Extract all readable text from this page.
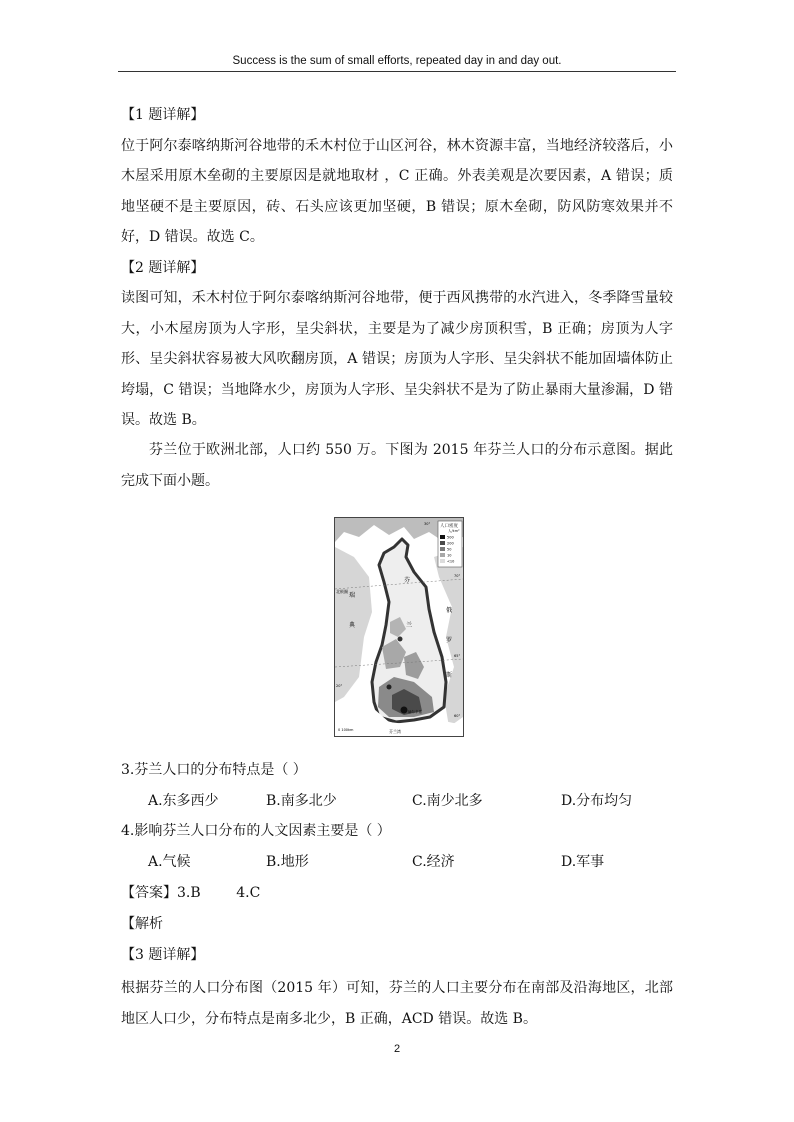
Success is the sum of small efforts, repeated day in and day out.

【1 题详解】

位于阿尔泰喀纳斯河谷地带的禾木村位于山区河谷，林木资源丰富，当地经济较落后，小木屋采用原木垒砌的主要原因是就地取材 ，C 正确。外表美观是次要因素，A 错误；质地坚硬不是主要原因，砖、石头应该更加坚硬，B 错误；原木垒砌，防风防寒效果并不好，D 错误。故选 C。

【2 题详解】

读图可知，禾木村位于阿尔泰喀纳斯河谷地带，便于西风携带的水汽进入，冬季降雪量较大，小木屋房顶为人字形，呈尖斜状，主要是为了减少房顶积雪，B 正确；房顶为人字形、呈尖斜状容易被大风吹翻房顶，A 错误；房顶为人字形、呈尖斜状不能加固墙体防止垮塌，C 错误；当地降水少，房顶为人字形、呈尖斜状不是为了防止暴雨大量渗漏，D 错误。故选 B。

芬兰位于欧洲北部，人口约 550 万。下图为 2015 年芬兰人口的分布示意图。据此完成下面小题。

人口密度
人/km²
500
200
50
10
<10
北极圈
芬
兰
瑞
典
俄
罗
斯
赫尔辛基
芬兰湾
0 100km
70°
65°
60°
20°
30°
3.芬兰人口的分布特点是（ ）
A.东多西少	B.南多北少	C.南少北多	D.分布均匀
4.影响芬兰人口分布的人文因素主要是（ ）
A.气候	B.地形	C.经济	D.军事
【答案】3.B        4.C
【解析
【3 题详解】
根据芬兰的人口分布图（2015 年）可知，芬兰的人口主要分布在南部及沿海地区，北部地区人口少，分布特点是南多北少，B 正确，ACD 错误。故选 B。
2
